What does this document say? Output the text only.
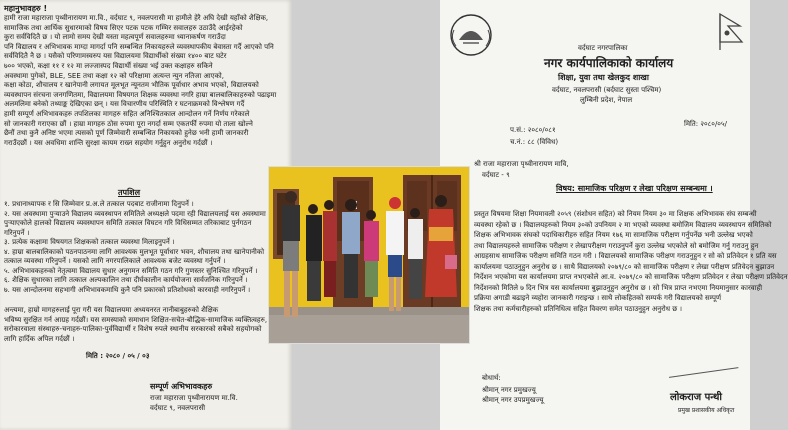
महानुभावहरु !
हामी राजा महाराजा पृथ्वीनारायण मा.वि., वर्दघाट ९, नवलपरासी मा हामीले हेरै अघि देखी यहाँको शैक्षिक,
सामाजिक तथा आर्थिक सुधारमाको विषय सिएर पटक पटक गम्भिर सवालहरु उठाउँदै आईरहेको
कुरा सर्वविदितै छ । यो लामो समय देखी यस्ता महत्वपूर्ण सवालहरुमा ध्यानाकर्षण गराउँदा
पनि विद्यालय र अभिभावक माग्दा मागर्दा पनि सम्बन्धित निकायहरुले व्यवस्थापकीय बेवास्ता गर्दै आएको पनि
सर्वविदितै नै छ । यसैको परिणामस्वरुप यस विद्यालयमा विद्यार्थीको संख्या १४०० बाट घटेर
७०० भएको, कक्षा ११ र १२ मा लज्जास्पद विद्यार्थी संख्या भई उक्त कक्षाहरु सकिने
अवस्थामा पुगेको, BLE, SEE तथा कक्षा १२ को परिक्षामा अत्यन्त न्युन नतिजा आएको,
कक्षा कोठा, शौचालय र खानेपानी लगायत मूलभूत न्यूनतम भौतिक पूर्वाधार अभाव भएको, विद्यालयको
व्यवस्थापन संरचना जनगणितमा, विद्यालयमा विषयगत शिक्षक व्यवस्था नगरि हाम्रा बालबालिकाहरुको पढाइमा
अलमलिमा बनेको तथ्याङ्क देखिएका छन् । यस विचारणीय परिस्थिति र घटनाक्रमको विश्लेषण गर्दै
हामी सम्पूर्ण अभिभावकहरु तपशिलका मागहरु सहित अनिश्चितकाल आन्दोलन गर्ने निर्णय गरेकाले
सो जानकारी गराएका छौं । हाम्रा मागहरु ठोस रुपमा पूरा नगर्दा सम्म एकतर्फी रुपमा यो ताला खोल्ने
छैनौं तथा कुनै अनिष्ट भएमा त्यसको पूर्ण जिम्मेवारी सम्बन्धित निकायको हुनेछ भनी हामी जानकारी
गराउँदछौं । यस अवधिमा शान्ति सुरक्षा कायम राख्न सहयोग गर्नुहुन अनुरोध गर्दछौं ।
तपशिल
१. प्रधानाध्यापक र सि जिम्मेवार प्र.अ.ले तत्काल पदबाट राजीनामा दिनुपर्ने ।
२. यस अवस्थामा पुऱ्याउने विद्यालय व्यवस्थापन समितिले अध्यक्षले पदमा रही विद्यालयलाई यस अवस्थामा
पुऱ्याएकोले हालको विद्यालय व्यवस्थापन समिति तत्काल विघटन गरि विधिसम्मत तरिकाबाट पुर्नगठन
गरिनुपर्ने ।
३. प्रत्येक कक्षामा विषयगत शिक्षकको तत्काल व्यवस्था मिलाइनुपर्ने ।
४. हाम्रा बालबालिकाको पठनपाठनमा लागि आवश्यक मुलभूत पूर्वाधार भवन, शौचालय तथा खानेपानीको
तत्काल व्यवस्था गरिनुपर्ने । यसको लागि नगरपालिकाले आवश्यक बजेट व्यवस्था गर्नुपर्ने ।
५. अभिभावकहरुको नेतृत्वमा विद्यालय सुधार अनुगमन समिति गठन गरि गुणस्तर सुनिश्चित गरिनुपर्ने ।
६. शैक्षिक सुधारका लागि तत्काल अल्पकालिन तथा दीर्घकालीन कार्ययोजना सार्वजनिक गरिनुपर्ने ।
७. यस आन्दोलनमा सहभागी अभिभावकमाथि कुनै पनि प्रकारको प्रतिशोधको कारवाही नगरिनुपर्ने ।
अन्त्यमा, हाम्रो मागहरुलाई पूरा गरी यस विद्यालयमा अध्ययनरत नानीबाबुहरुको शैक्षिक
भविष्य सुरक्षित गर्न आग्रह गर्दछौं। यस समस्याको समाधान शिक्षित-सचेत-बौद्धिक-सामाजिक व्यक्तित्वहरु,
सरोकारवाला संस्थाहरु-चनाहरु-पालिका-पुर्वविद्यार्थी र विशेष रुपले स्थानीय सरकारको सबैको सहयोगको
लागि हार्दिक अपिल गर्दछौं ।
मिति : २०८० / ०५ / ०३
सम्पूर्ण अभिभावकहरु
राजा महाराजा पृथ्वीनारायण मा.वि.
वर्दघाट ९, नवलपरासी
वर्दघाट नगरपालिका
नगर कार्यपालिकाको कार्यालय
शिक्षा, युवा तथा खेलकुद शाखा
वर्दघाट, नवलपरासी (बर्दघाट सुस्ता पश्चिम)
लुम्बिनी प्रदेश, नेपाल
प.सं.: २०८०/०८१
च.नं.: ८८ (विविध)
मिति: २०८०/०५/
श्री राजा महाराजा पृथ्वीनारायण मावि,
वर्दघाट - ९
विषय: सामाजिक परिक्षण र लेखा परिक्षण सम्बन्धमा ।
प्रस्तुत विषयमा शिक्षा नियमावली २०५९ (संशोधन सहित) को नियम नियम ३० मा शिक्षक अभिभावक संघ सम्बन्धी
व्यवस्था रहेको छ । विद्यालयहरुको नियम ३०को उपनियम २ मा भएको व्यवस्था बमोजिम विद्यालय व्यवस्थापन समितिको
शिक्षक अभिभावक संघको पदाधिकारीहरु सहित नियम १७६ मा सामाजिक परीक्षण गर्नुपर्नेछ भनी उल्लेख भएको
तथा विद्यालयहरुले सामाजिक परीक्षण र लेखापरीक्षण गराउनुपर्ने कुरा उल्लेख भएकोले सो बमोजिम गर्नु गराउनु हुन
आग्रहसाथ सामाजिक परीक्षण समिति गठन गरी । विद्यालयको सामाजिक परीक्षण गराउनुहुन र सो को प्रतिवेदन १ प्रति यस
कार्यालयमा पठाउनुहुन अनुरोध छ । साथै विद्यालयको २०७९/८० को सामाजिक परीक्षण र लेखा परीक्षण प्रतिवेदन बुझाउन
निर्देशन भएकोमा यस कार्यालयमा प्राप्त नभएकोले आ.व. २०७९/८० को सामाजिक परीक्षण प्रतिवेदन र लेखा परीक्षण प्रतिवेदन
निर्देशनको मितिले ७ दिन भित्र यस कार्यालयमा बुझाउनुहुन अनुरोध छ । सो भित्र प्राप्त नभएमा नियमानुसार कारवाही
प्रक्रिया अगाडी बढाइने व्यहोरा जानकारी गराइन्छ । साथै लोकहितको सम्पर्क गरी विद्यालयको सम्पूर्ण
शिक्षक तथा कर्मचारीहरुको प्रतिनिधित्व सहित विवरण समेत पठाउनुहुन अनुरोध छ ।
बोधार्थ:
श्रीमान् नगर प्रमुखज्यू
श्रीमान् नगर उपप्रमुखज्यू	लोकराज पन्थी
प्रमुख प्रशासकीय अधिकृत
